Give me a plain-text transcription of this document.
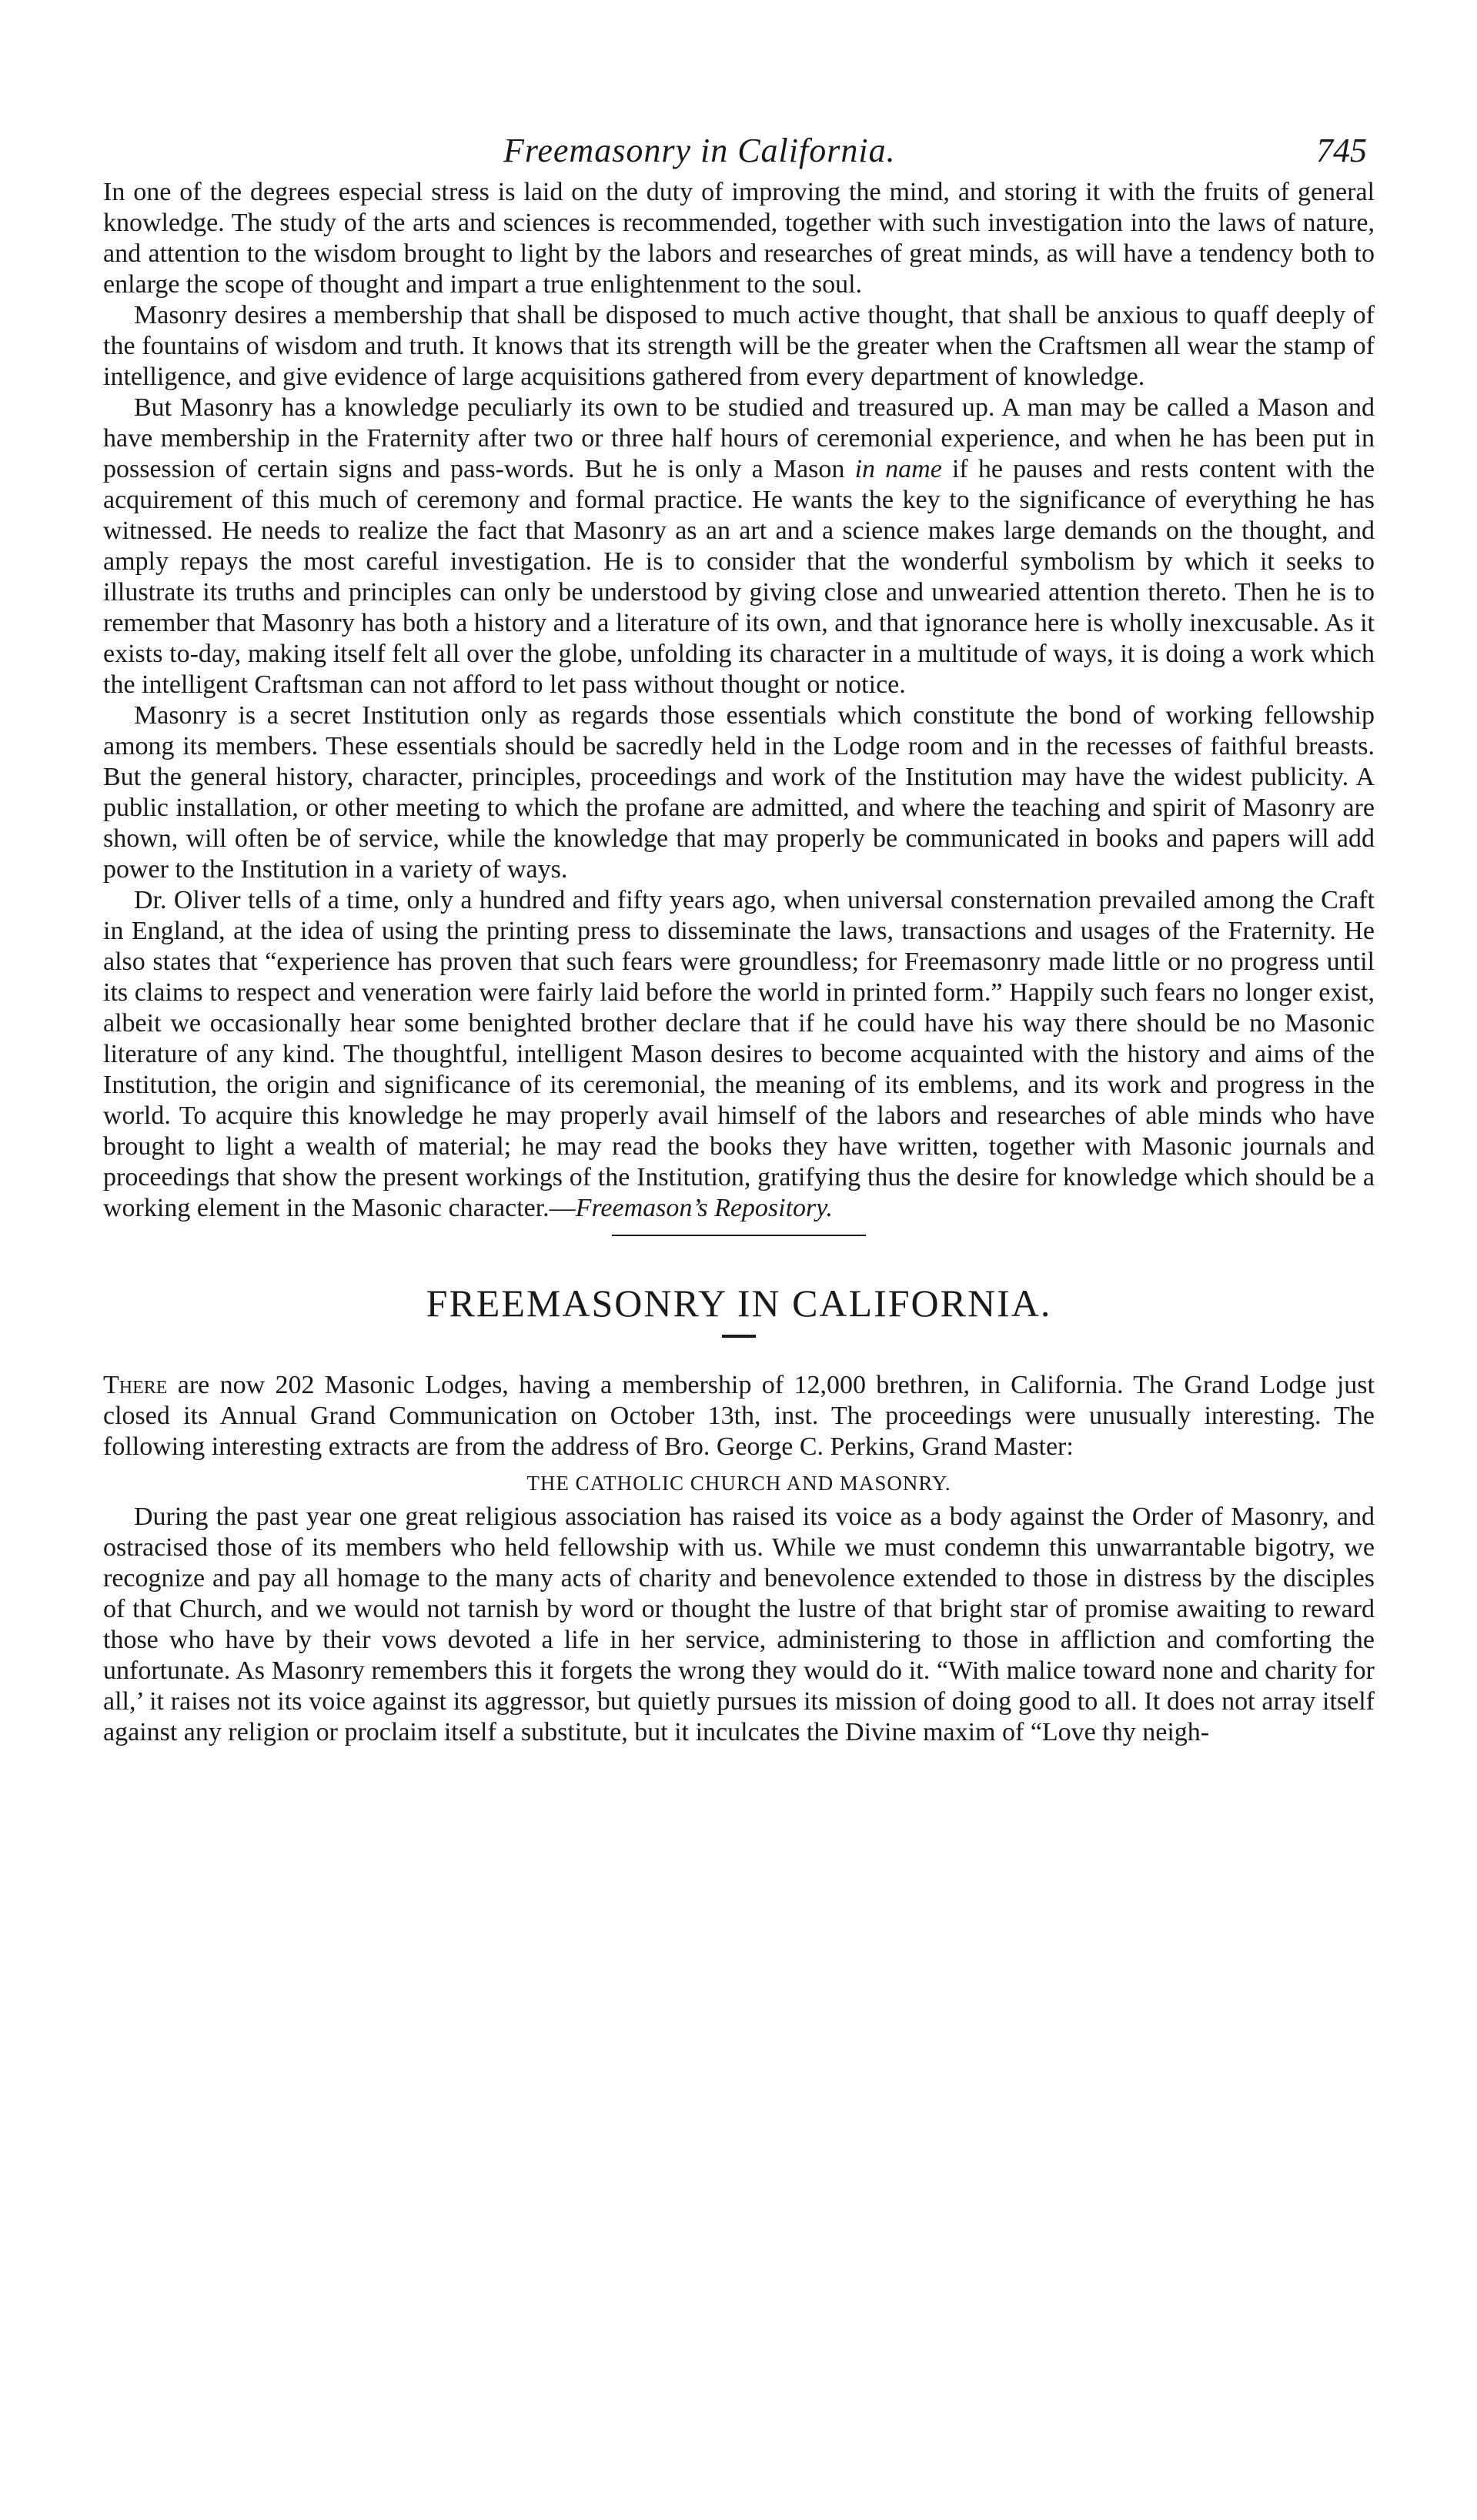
Freemasonry in California.	745

In one of the degrees especial stress is laid on the duty of improving the mind, and storing it with the fruits of general knowledge. The study of the arts and sciences is recommended, together with such investigation into the laws of nature, and attention to the wisdom brought to light by the labors and researches of great minds, as will have a tendency both to enlarge the scope of thought and impart a true enlightenment to the soul.

Masonry desires a membership that shall be disposed to much active thought, that shall be anxious to quaff deeply of the fountains of wisdom and truth. It knows that its strength will be the greater when the Craftsmen all wear the stamp of intelligence, and give evidence of large acquisitions gathered from every department of knowledge.

But Masonry has a knowledge peculiarly its own to be studied and treasured up. A man may be called a Mason and have membership in the Fraternity after two or three half hours of ceremonial experience, and when he has been put in possession of certain signs and pass-words. But he is only a Mason in name if he pauses and rests content with the acquirement of this much of ceremony and formal practice. He wants the key to the significance of everything he has witnessed. He needs to realize the fact that Masonry as an art and a science makes large demands on the thought, and amply repays the most careful investigation. He is to consider that the wonderful symbolism by which it seeks to illustrate its truths and principles can only be understood by giving close and unwearied attention thereto. Then he is to remember that Masonry has both a history and a literature of its own, and that ignorance here is wholly inexcusable. As it exists to-day, making itself felt all over the globe, unfolding its character in a multitude of ways, it is doing a work which the intelligent Craftsman can not afford to let pass without thought or notice.

Masonry is a secret Institution only as regards those essentials which constitute the bond of working fellowship among its members. These essentials should be sacredly held in the Lodge room and in the recesses of faithful breasts. But the general history, character, principles, proceedings and work of the Institution may have the widest publicity. A public installation, or other meeting to which the profane are admitted, and where the teaching and spirit of Masonry are shown, will often be of service, while the knowledge that may properly be communicated in books and papers will add power to the Institution in a variety of ways.

Dr. Oliver tells of a time, only a hundred and fifty years ago, when universal consternation prevailed among the Craft in England, at the idea of using the printing press to disseminate the laws, transactions and usages of the Fraternity. He also states that “experience has proven that such fears were groundless; for Freemasonry made little or no progress until its claims to respect and veneration were fairly laid before the world in printed form.” Happily such fears no longer exist, albeit we occasionally hear some benighted brother declare that if he could have his way there should be no Masonic literature of any kind. The thoughtful, intelligent Mason desires to become acquainted with the history and aims of the Institution, the origin and significance of its ceremonial, the meaning of its emblems, and its work and progress in the world. To acquire this knowledge he may properly avail himself of the labors and researches of able minds who have brought to light a wealth of material; he may read the books they have written, together with Masonic journals and proceedings that show the present workings of the Institution, gratifying thus the desire for knowledge which should be a working element in the Masonic character.—Freemason’s Repository.

FREEMASONRY IN CALIFORNIA.

There are now 202 Masonic Lodges, having a membership of 12,000 brethren, in California. The Grand Lodge just closed its Annual Grand Communication on October 13th, inst. The proceedings were unusually interesting. The following interesting extracts are from the address of Bro. George C. Perkins, Grand Master:

THE CATHOLIC CHURCH AND MASONRY.

During the past year one great religious association has raised its voice as a body against the Order of Masonry, and ostracised those of its members who held fellowship with us. While we must condemn this unwarrantable bigotry, we recognize and pay all homage to the many acts of charity and benevolence extended to those in distress by the disciples of that Church, and we would not tarnish by word or thought the lustre of that bright star of promise awaiting to reward those who have by their vows devoted a life in her service, administering to those in affliction and comforting the unfortunate. As Masonry remembers this it forgets the wrong they would do it. “With malice toward none and charity for all,’ it raises not its voice against its aggressor, but quietly pursues its mission of doing good to all. It does not array itself against any religion or proclaim itself a substitute, but it inculcates the Divine maxim of “Love thy neigh-
